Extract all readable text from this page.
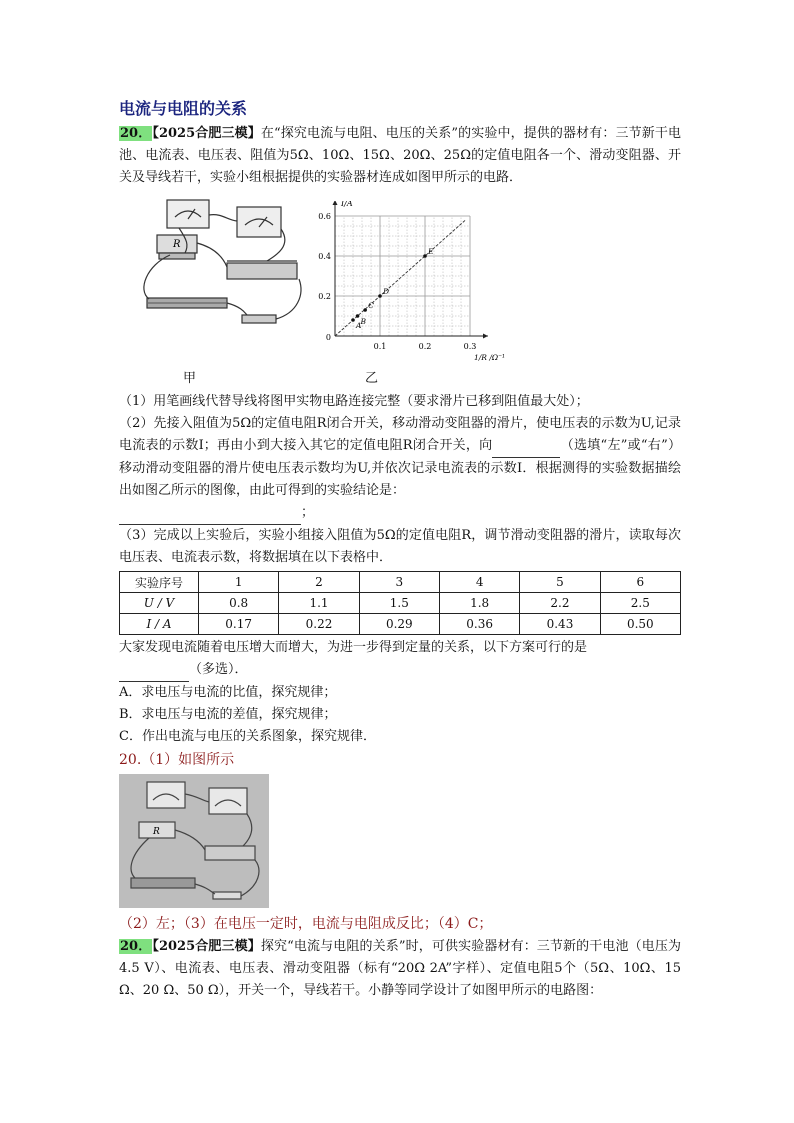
电流与电阻的关系

20．【2025合肥三模】在“探究电流与电阻、电压的关系”的实验中，提供的器材有：三节新干电池、电流表、电压表、阻值为5Ω、10Ω、15Ω、20Ω、25Ω的定值电阻各一个、滑动变阻器、开关及导线若干，实验小组根据提供的实验器材连成如图甲所示的电路．

R
0.1	0.2	0.3
0.2
0.4
0.6
0
I/A
1/R /Ω⁻¹
A B
C
D
E
甲	乙

（1）用笔画线代替导线将图甲实物电路连接完整（要求滑片已移到阻值最大处）；

（2）先接入阻值为5Ω的定值电阻R闭合开关，移动滑动变阻器的滑片，使电压表的示数为U,记录电流表的示数I；再由小到大接入其它的定值电阻R闭合开关，向	（选填“左”或“右”）移动滑动变阻器的滑片使电压表示数均为U,并依次记录电流表的示数I．根据测得的实验数据描绘出如图乙所示的图像，由此可得到的实验结论是：
；

（3）完成以上实验后，实验小组接入阻值为5Ω的定值电阻R，调节滑动变阻器的滑片，读取每次电压表、电流表示数，将数据填在以下表格中．

实验序号	1	2	3	4	5	6
U / V	0.8	1.1	1.5	1.8	2.2	2.5
I / A	0.17	0.22	0.29	0.36	0.43	0.50

大家发现电流随着电压增大而增大，为进一步得到定量的关系，以下方案可行的是
（多选）．

A．求电压与电流的比值，探究规律；

B．求电压与电流的差值，探究规律；

C．作出电流与电压的关系图象，探究规律．

20.（1）如图所示
R
（2）左；（3）在电压一定时，电流与电阻成反比；（4）C；

20．【2025合肥三模】探究“电流与电阻的关系”时，可供实验器材有：三节新的干电池（电压为4.5 V）、电流表、电压表、滑动变阻器（标有“20Ω 2A”字样）、定值电阻5个（5Ω、10Ω、15 Ω、20 Ω、50 Ω），开关一个，导线若干。小静等同学设计了如图甲所示的电路图：
